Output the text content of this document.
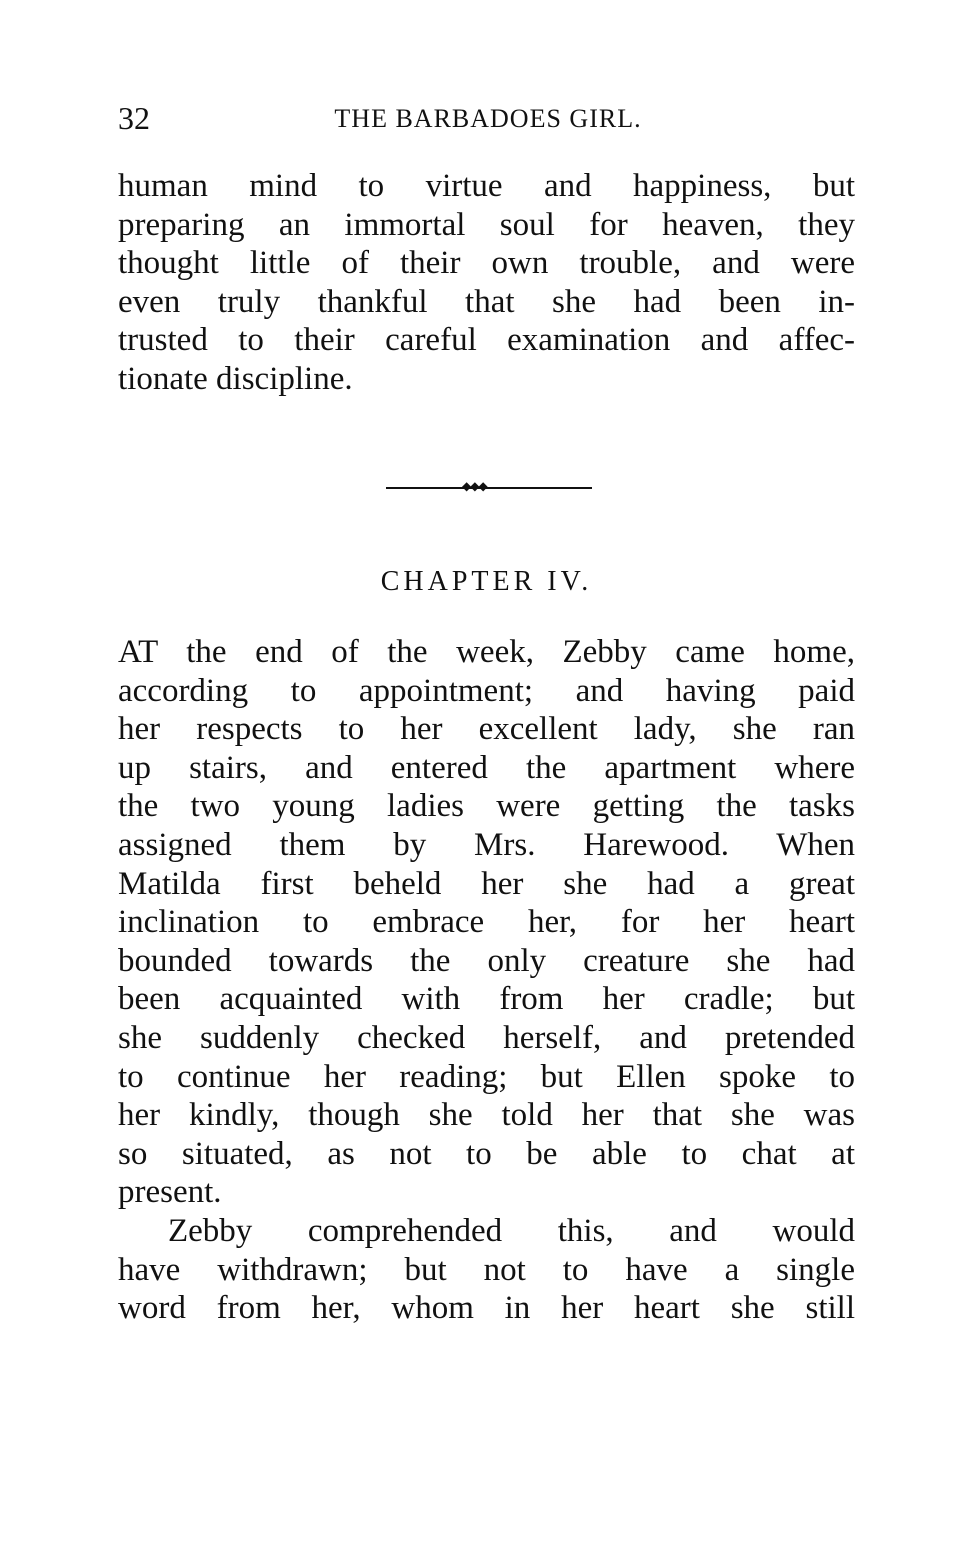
32	THE BARBADOES GIRL.
human mind to virtue and happiness, but
preparing an immortal soul for heaven, they
thought little of their own trouble, and were
even truly thankful that she had been in-
trusted to their careful examination and affec-
tionate discipline.
◆◆◆
CHAPTER IV.
AT the end of the week, Zebby came home,
according to appointment; and having paid
her respects to her excellent lady, she ran
up stairs, and entered the apartment where
the two young ladies were getting the tasks
assigned them by Mrs. Harewood. When
Matilda first beheld her she had a great
inclination to embrace her, for her heart
bounded towards the only creature she had
been acquainted with from her cradle; but
she suddenly checked herself, and pretended
to continue her reading; but Ellen spoke to
her kindly, though she told her that she was
so situated, as not to be able to chat at
present.
Zebby comprehended this, and would
have withdrawn; but not to have a single
word from her, whom in her heart she still
